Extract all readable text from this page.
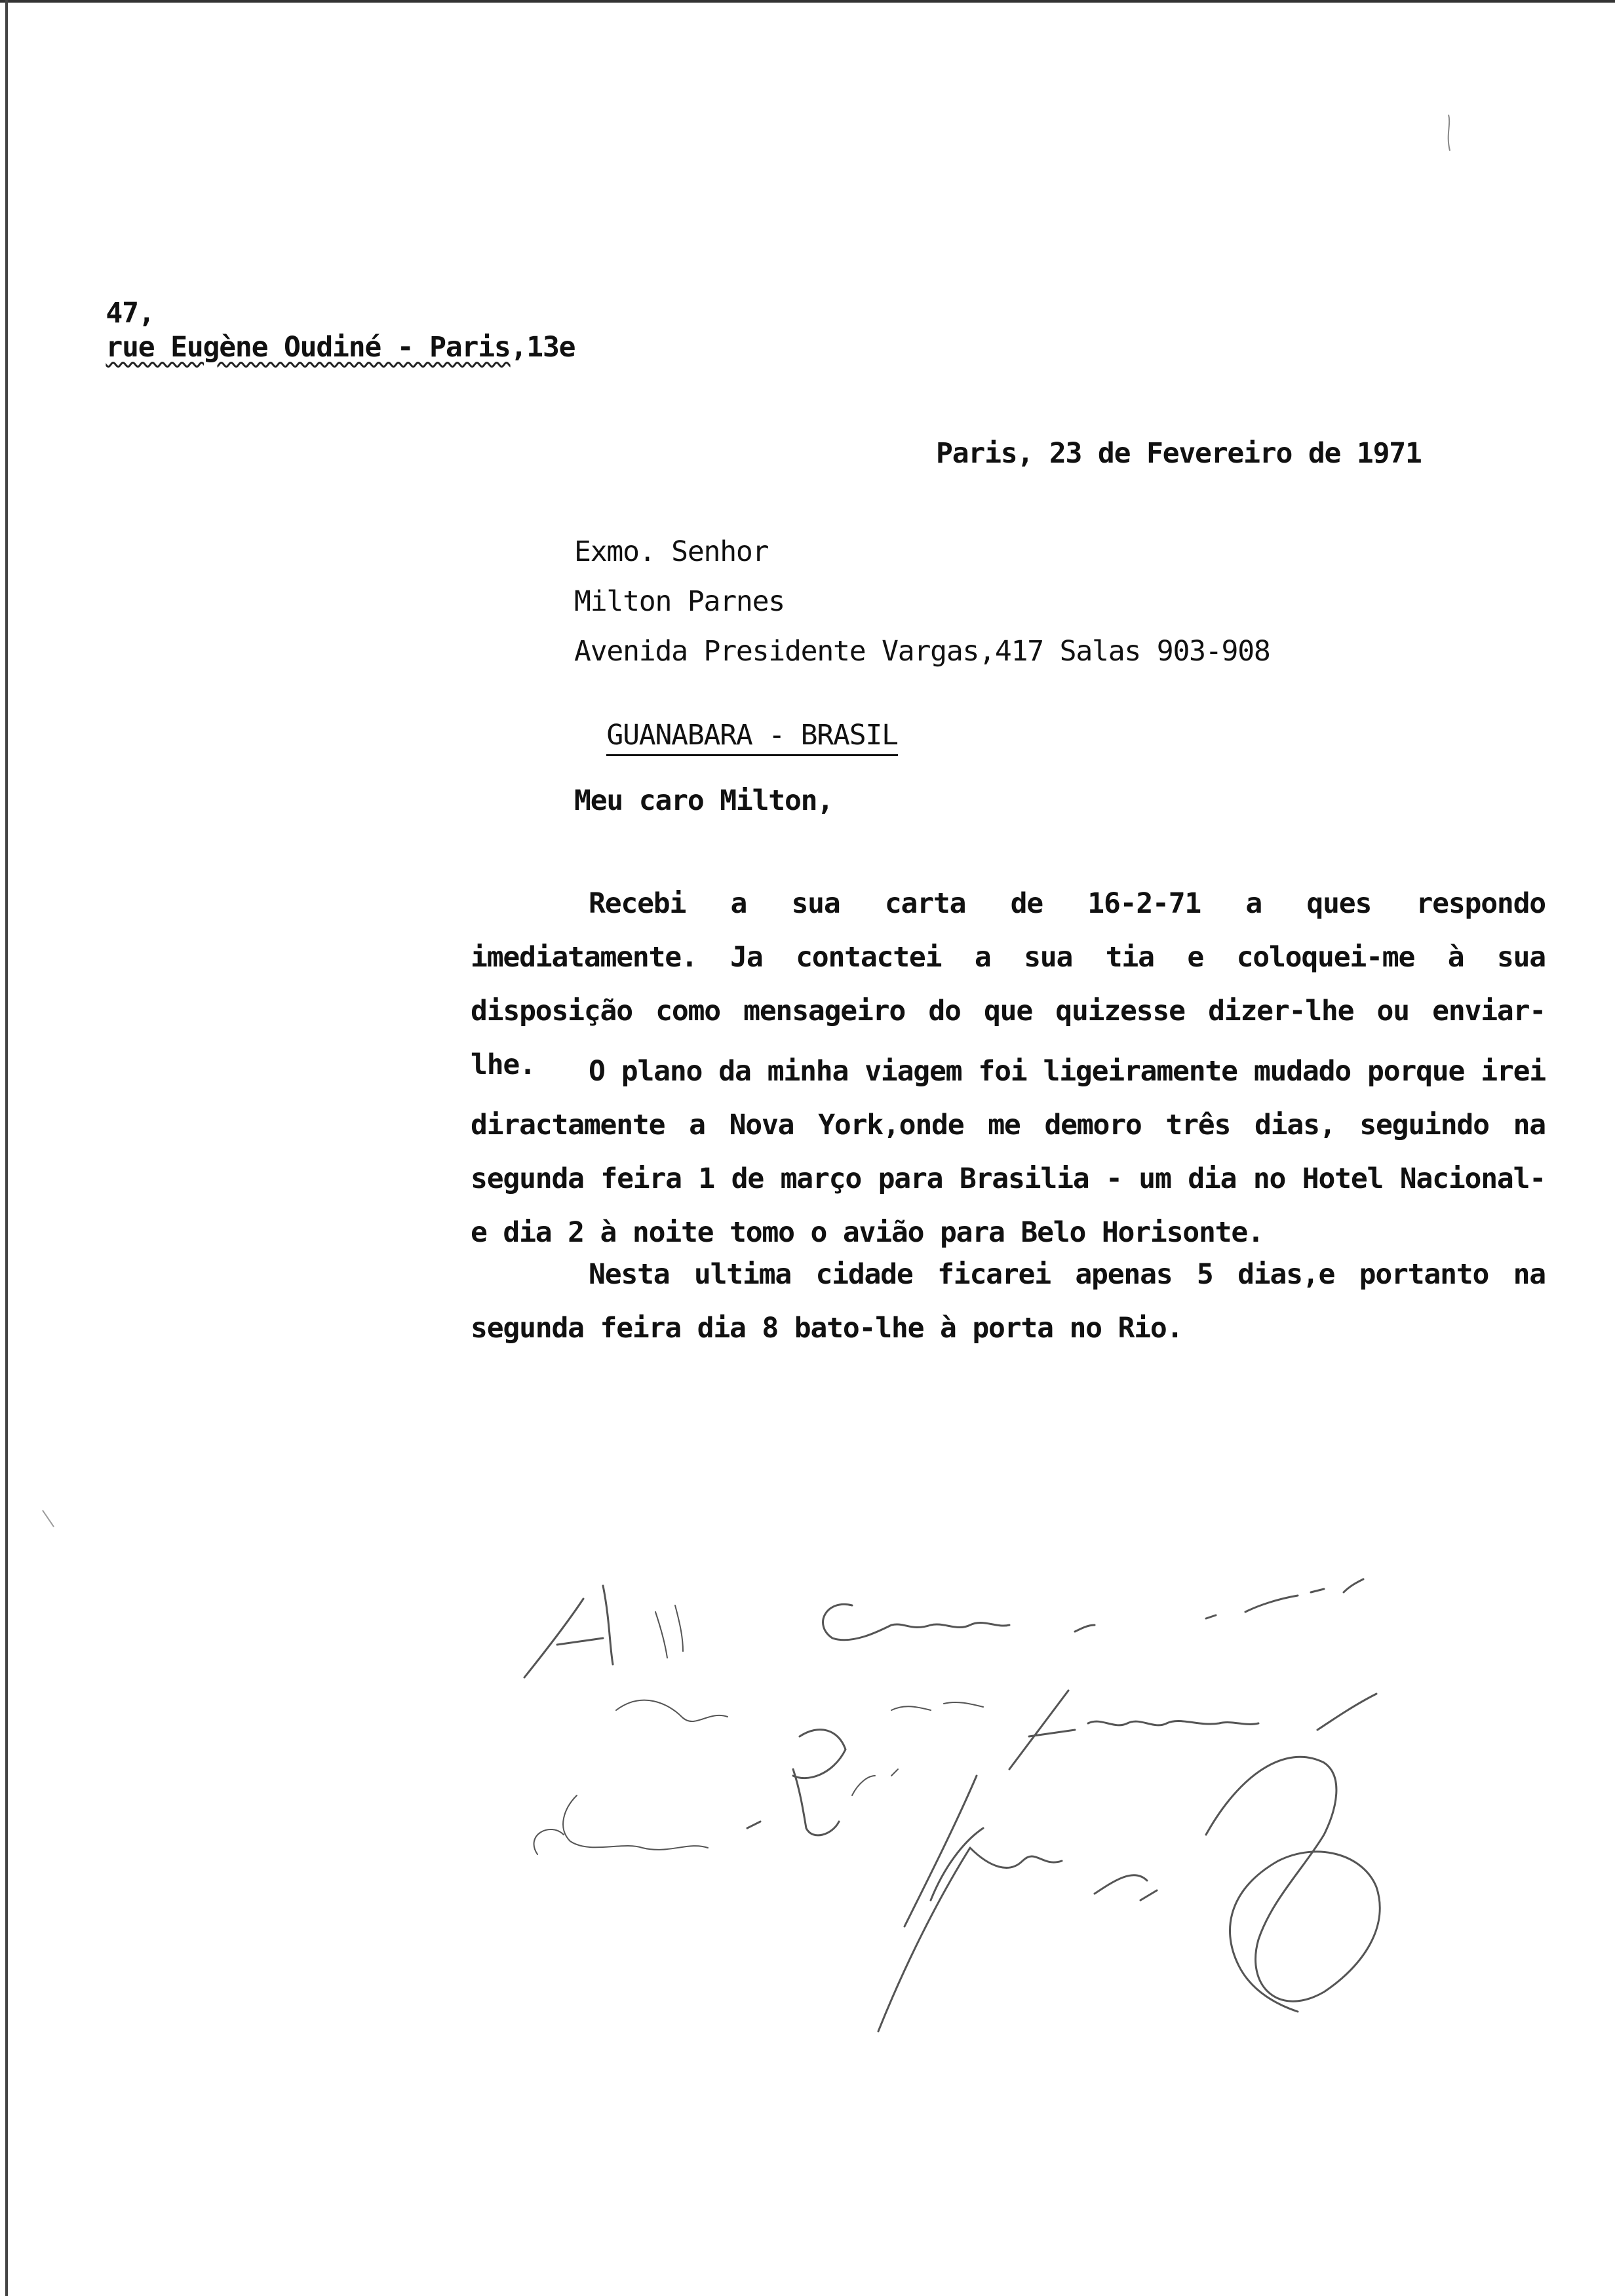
47,
rue Eugène Oudiné - Paris,13e

Paris, 23 de Fevereiro de 1971
Exmo. Senhor
Milton Parnes
Avenida Presidente Vargas,417 Salas 903-908

GUANABARA - BRASIL

Meu caro Milton,
Recebi a sua carta de 16-2-71 a ques respondo imediatamente. Ja contactei a sua tia e coloquei-me à sua disposição como mensageiro do que quizesse dizer-lhe ou enviar-lhe.	O plano da minha viagem foi ligeiramente mudado porque irei diractamente a Nova York,onde me demoro três dias, seguindo na segunda feira 1 de março para Brasilia - um dia no Hotel Nacional-e dia 2 à noite tomo o avião para Belo Horisonte.
Nesta ultima cidade ficarei apenas 5 dias,e portanto na segunda feira dia 8 bato-lhe à porta no Rio.
